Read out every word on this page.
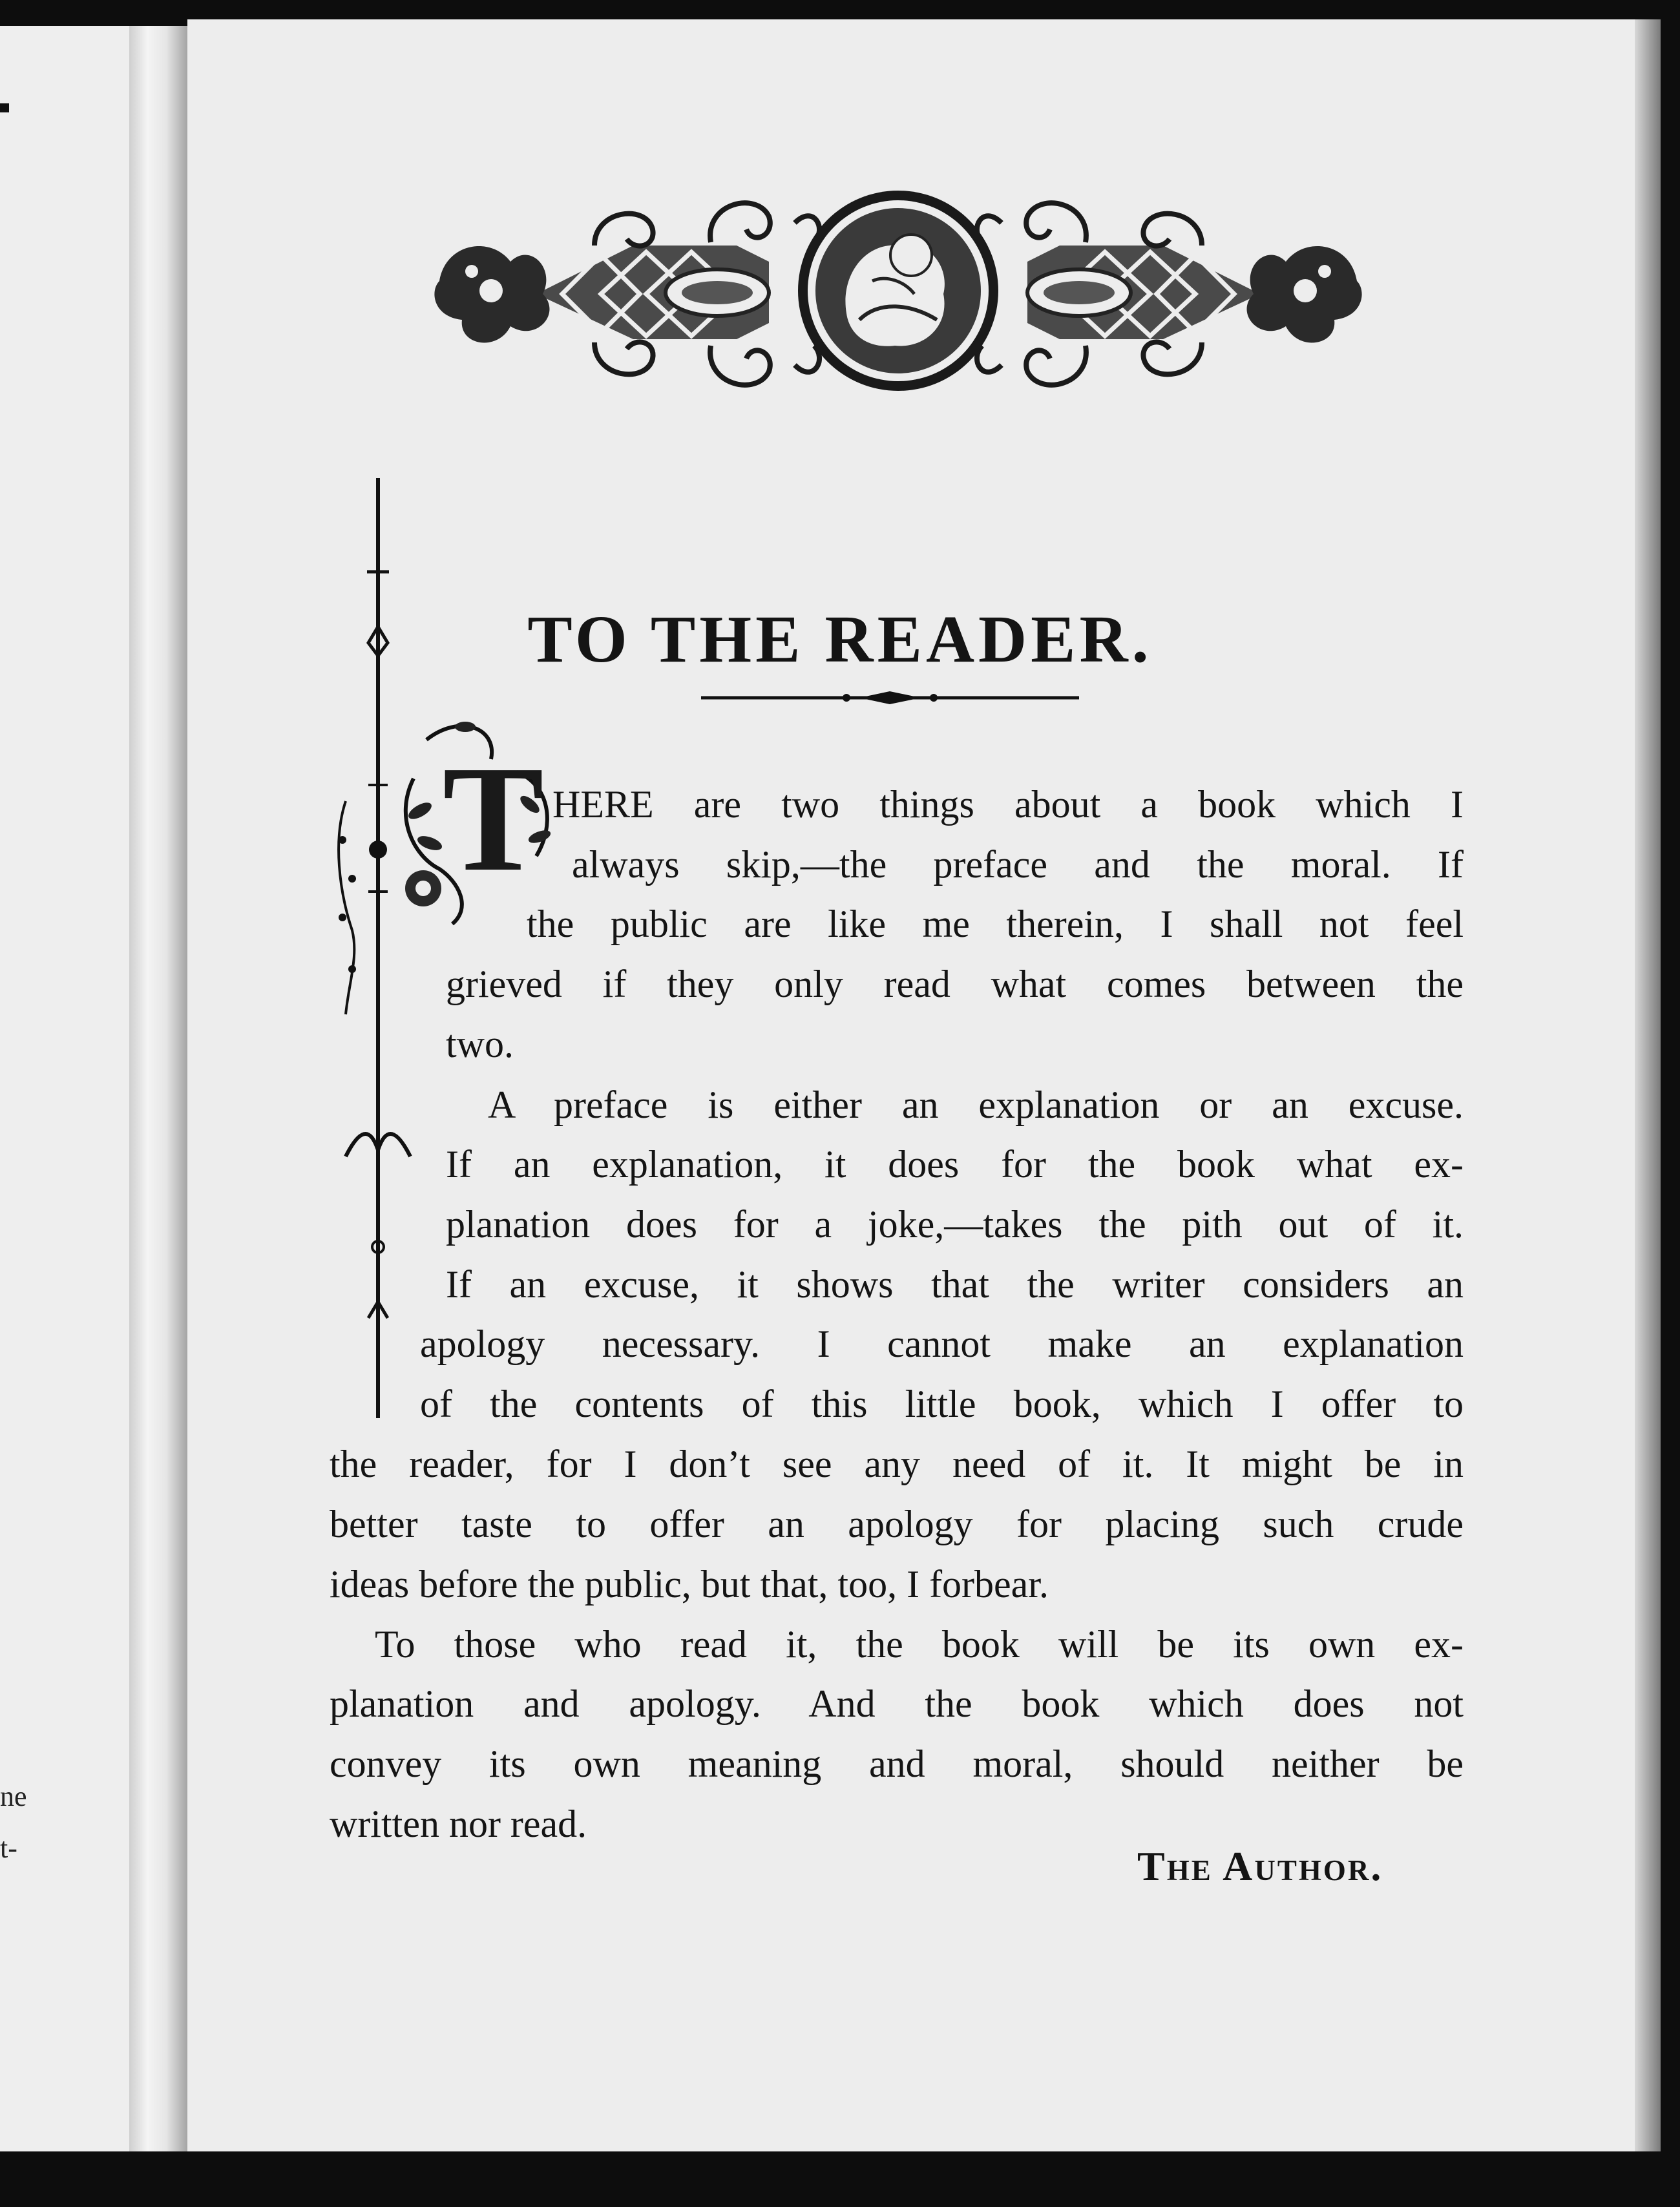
ne
t-
TO THE READER.
T HERE are two things about a book which I
always skip,—the preface and the moral. If
the public are like me therein, I shall not feel
grieved if they only read what comes between the
two.
A preface is either an explanation or an excuse.
If an explanation, it does for the book what ex-
planation does for a joke,—takes the pith out of it.
If an excuse, it shows that the writer considers an
apology necessary. I cannot make an explanation
of the contents of this little book, which I offer to
the reader, for I don’t see any need of it. It might be in
better taste to offer an apology for placing such crude
ideas before the public, but that, too, I forbear.
To those who read it, the book will be its own ex-
planation and apology. And the book which does not
convey its own meaning and moral, should neither be
written nor read.
The Author.
